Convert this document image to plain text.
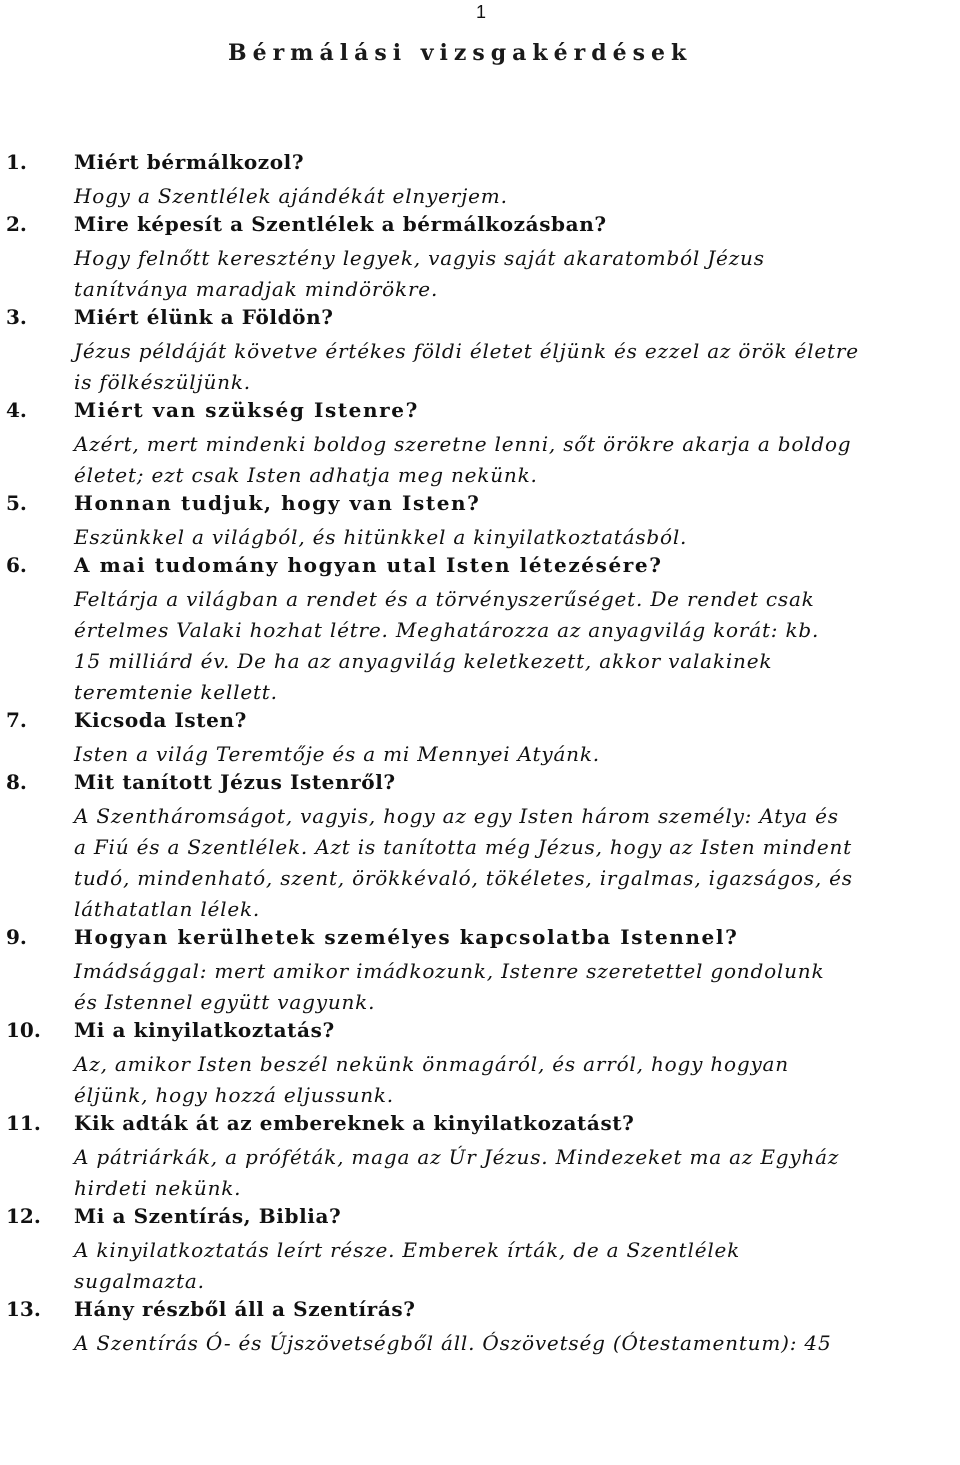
1
Bérmálási vizsgakérdések
1.	Miért bérmálkozol?
Hogy a Szentlélek ajándékát elnyerjem.
2.	Mire képesít a Szentlélek a bérmálkozásban?
Hogy felnőtt keresztény legyek, vagyis saját akaratomból Jézus
tanítványa maradjak mindörökre.
3.	Miért élünk a Földön?
Jézus példáját követve értékes földi életet éljünk és ezzel az örök életre
is fölkészüljünk.
4.	Miért van szükség Istenre?
Azért, mert mindenki boldog szeretne lenni, sőt örökre akarja a boldog
életet; ezt csak Isten adhatja meg nekünk.
5.	Honnan tudjuk, hogy van Isten?
Eszünkkel a világból, és hitünkkel a kinyilatkoztatásból.
6.	A mai tudomány hogyan utal Isten létezésére?
Feltárja a világban a rendet és a törvényszerűséget. De rendet csak
értelmes Valaki hozhat létre. Meghatározza az anyagvilág korát: kb.
15 milliárd év. De ha az anyagvilág keletkezett, akkor valakinek
teremtenie kellett.
7.	Kicsoda Isten?
Isten a világ Teremtője és a mi Mennyei Atyánk.
8.	Mit tanított Jézus Istenről?
A Szentháromságot, vagyis, hogy az egy Isten három személy: Atya és
a Fiú és a Szentlélek. Azt is tanította még Jézus, hogy az Isten mindent
tudó, mindenható, szent, örökkévaló, tökéletes, irgalmas, igazságos, és
láthatatlan lélek.
9.	Hogyan kerülhetek személyes kapcsolatba Istennel?
Imádsággal: mert amikor imádkozunk, Istenre szeretettel gondolunk
és Istennel együtt vagyunk.
10.	Mi a kinyilatkoztatás?
Az, amikor Isten beszél nekünk önmagáról, és arról, hogy hogyan
éljünk, hogy hozzá eljussunk.
11.	Kik adták át az embereknek a kinyilatkozatást?
A pátriárkák, a próféták, maga az Úr Jézus. Mindezeket ma az Egyház
hirdeti nekünk.
12.	Mi a Szentírás, Biblia?
A kinyilatkoztatás leírt része. Emberek írták, de a Szentlélek
sugalmazta.
13.	Hány részből áll a Szentírás?
A Szentírás Ó- és Újszövetségből áll. Ószövetség (Ótestamentum): 45
